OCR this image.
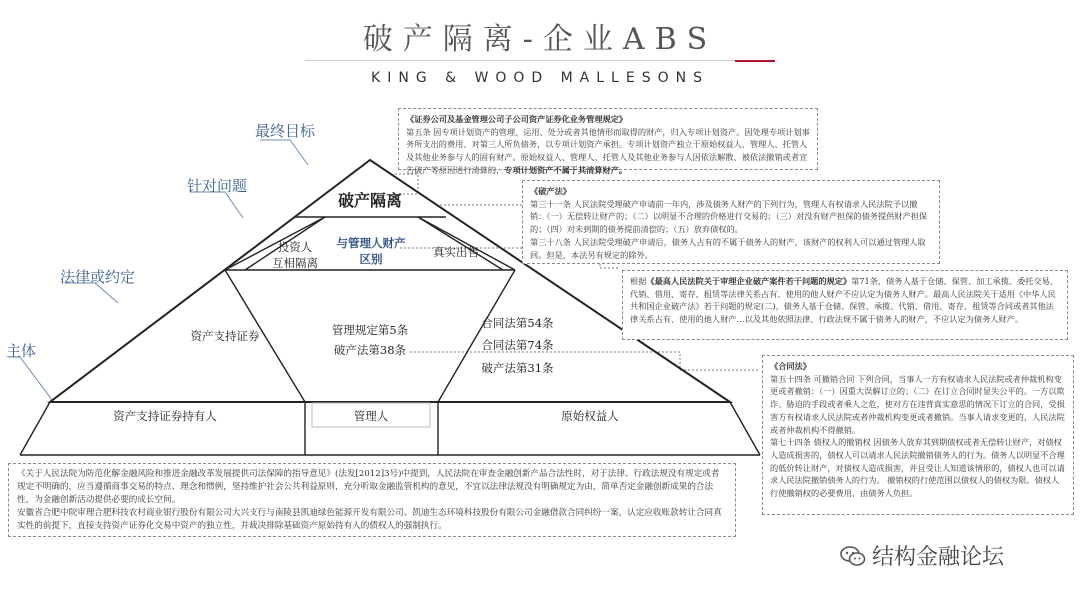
破产隔离-企业ABS
KING & WOOD MALLESONS
最终目标
针对问题
法律或约定
主体
破产隔离
投资人
互相隔离
与管理人财产
区别	真实出售
资产支持证券	管理规定第5条
破产法第38条
合同法第54条
合同法第74条
破产法第31条
资产支持证券持有人	管理人	原始权益人

《证券公司及基金管理公司子公司资产证券化业务管理规定》

第五条 因专项计划资产的管理、运用、处分或者其他情形而取得的财产，归入专项计划资产。因处理专项计划事务所支出的费用、对第三人所负债务，以专项计划资产承担。专项计划资产独立于原始权益人、管理人、托管人及其他业务参与人的固有财产。原始权益人、管理人、托管人及其他业务参与人因依法解散、被依法撤销或者宣告破产等原因进行清算的，专项计划资产不属于其清算财产。

《破产法》

第三十一条 人民法院受理破产申请前一年内，涉及债务人财产的下列行为，管理人有权请求人民法院予以撤销：（一）无偿转让财产的；（二）以明显不合理的价格进行交易的；（三）对没有财产担保的债务提供财产担保的；（四）对未到期的债务提前清偿的；（五）放弃债权的。

第三十八条 人民法院受理破产申请后，债务人占有的不属于债务人的财产，该财产的权利人可以通过管理人取回。但是，本法另有规定的除外。

根据《最高人民法院关于审理企业破产案件若干问题的规定》第71条，债务人基于仓储、保管、加工承揽、委托交易、代销、借用、寄存、租赁等法律关系占有、使用的他人财产不应认定为债务人财产。最高人民法院关于适用《中华人民共和国企业破产法》若干问题的规定(二)，债务人基于仓储、保管、承揽、代销、借用、寄存、租赁等合同或者其他法律关系占有、使用的他人财产…以及其他依照法律、行政法规不属于债务人的财产，不应认定为债务人财产。

《合同法》

第五十四条 可撤销合同 下列合同，当事人一方有权请求人民法院或者仲裁机构变更或者撤销：（一）因重大误解订立的；（二）在订立合同时显失公平的。一方以欺诈、胁迫的手段或者乘人之危，使对方在违背真实意思的情况下订立的合同，受损害方有权请求人民法院或者仲裁机构变更或者撤销。当事人请求变更的，人民法院或者仲裁机构不得撤销。

第七十四条 债权人的撤销权 因债务人放弃其到期债权或者无偿转让财产，对债权人造成损害的，债权人可以请求人民法院撤销债务人的行为。债务人以明显不合理的低价转让财产，对债权人造成损害，并且受让人知道该情形的，债权人也可以请求人民法院撤销债务人的行为。 撤销权的行使范围以债权人的债权为限。债权人行使撤销权的必要费用，由债务人负担。

《关于人民法院为防范化解金融风险和推进金融改革发展提供司法保障的指导意见》(法发[2012]3号)中提到，人民法院在审查金融创新产品合法性时，对于法律、行政法规没有规定或者规定不明确的，应当遵循商事交易的特点、理念和惯例，坚持维护社会公共利益原则，充分听取金融监管机构的意见，不宜以法律法规没有明确规定为由，简单否定金融创新成果的合法性，为金融创新活动提供必要的成长空间。

安徽省合肥中院审理合肥科技农村商业银行股份有限公司大兴支行与南陵县凯迪绿色能源开发有限公司、凯迪生态环境科技股份有限公司金融借款合同纠纷一案，认定应收账款转让合同真实性的前提下，直接支持资产证券化交易中资产的独立性，并裁决排除基础资产原始持有人的债权人的强制执行。

结构金融论坛
